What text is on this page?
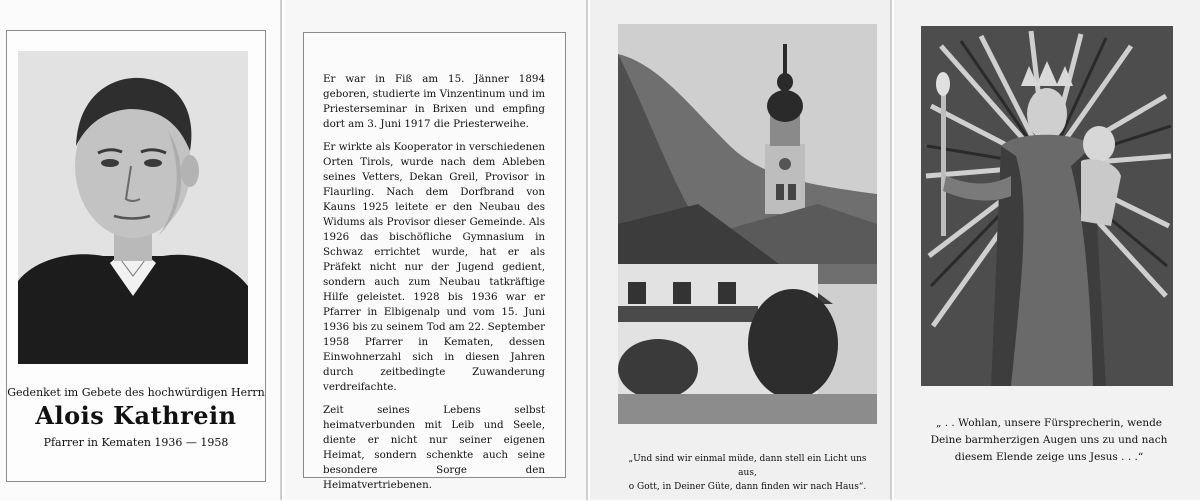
Gedenket im Gebete des hochwürdigen Herrn
Alois Kathrein
Pfarrer in Kematen 1936 — 1958

Er war in Fiß am 15. Jänner 1894 geboren, studierte im Vinzentinum und im Priesterseminar in Brixen und empfing dort am 3. Juni 1917 die Priesterweihe.

Er wirkte als Kooperator in verschiedenen Orten Tirols, wurde nach dem Ableben seines Vetters, Dekan Greil, Provisor in Flaurling. Nach dem Dorfbrand von Kauns 1925 leitete er den Neubau des Widums als Provisor dieser Gemeinde. Als 1926 das bischöfliche Gymnasium in Schwaz errichtet wurde, hat er als Präfekt nicht nur der Jugend gedient, sondern auch zum Neubau tatkräftige Hilfe geleistet. 1928 bis 1936 war er Pfarrer in Elbigenalp und vom 15. Juni 1936 bis zu seinem Tod am 22. September 1958 Pfarrer in Kematen, dessen Einwohnerzahl sich in diesen Jahren durch zeitbedingte Zuwanderung verdreifachte.

Zeit seines Lebens selbst heimatverbunden mit Leib und Seele, diente er nicht nur seiner eigenen Heimat, sondern schenkte auch seine besondere Sorge den Heimatvertriebenen.

„Und sind wir einmal müde, dann stell ein Licht uns aus,
o Gott, in Deiner Güte, dann finden wir nach Haus“.
„ . . Wohlan, unsere Fürsprecherin, wende
Deine barmherzigen Augen uns zu und nach
diesem Elende zeige uns Jesus . . .“
